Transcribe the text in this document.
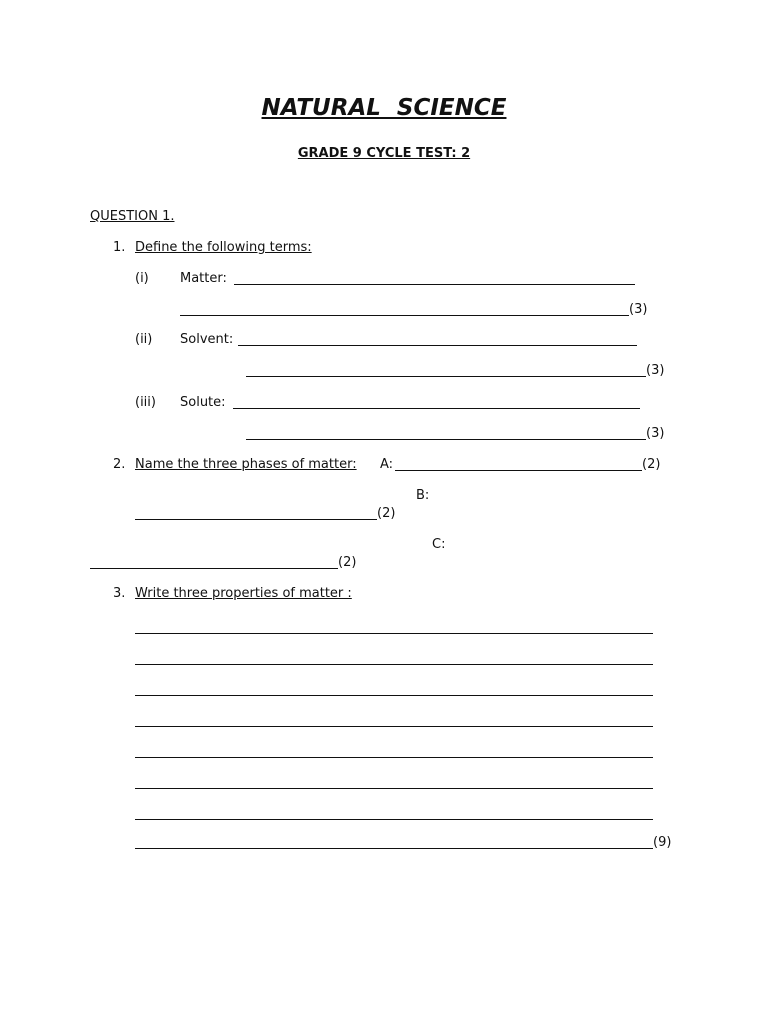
NATURAL  SCIENCE
GRADE 9 CYCLE TEST: 2
QUESTION 1.
1. Define the following terms:
(i) Matter:
(3)
(ii) Solvent:
(3)
(iii) Solute:
(3)
2. Name the three phases of matter: A:	(2)
B:
(2)
C:
(2)
3. Write three properties of matter :
(9)
